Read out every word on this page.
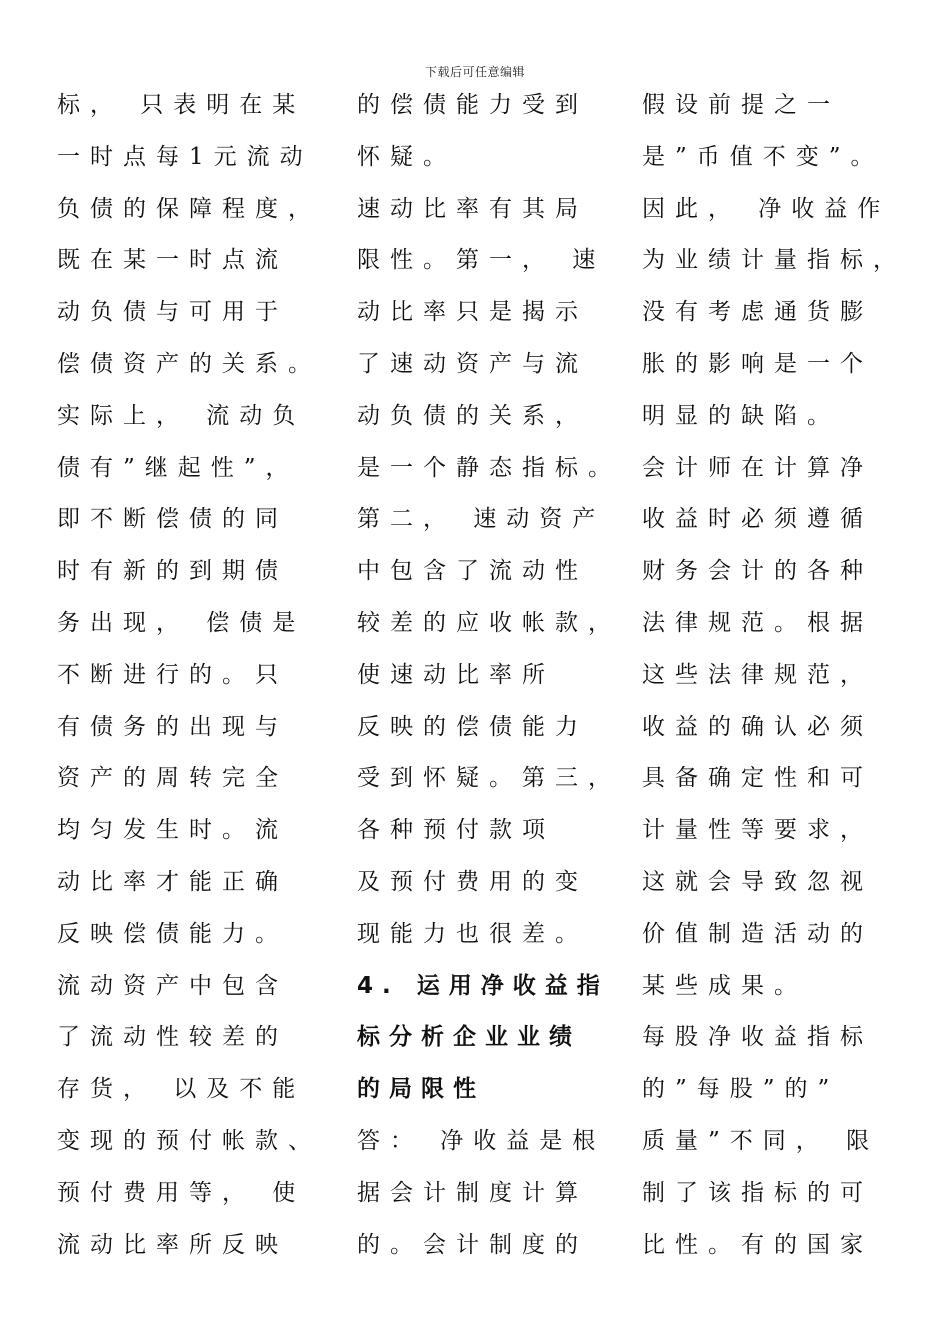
下载后可任意编辑
标， 只表明在某
一时点每1元流动
负债的保障程度，
既在某一时点流
动负债与可用于
偿债资产的关系。
实际上， 流动负
债有”继起性”，
即不断偿债的同
时有新的到期债
务出现， 偿债是
不断进行的。只
有债务的出现与
资产的周转完全
均匀发生时。流
动比率才能正确
反映偿债能力。
流动资产中包含
了流动性较差的
存货， 以及不能
变现的预付帐款、
预付费用等， 使
流动比率所反映
的偿债能力受到
怀疑。
速动比率有其局
限性。第一， 速
动比率只是揭示
了速动资产与流
动负债的关系，
是一个静态指标。
第二， 速动资产
中包含了流动性
较差的应收帐款，
使速动比率所
反映的偿债能力
受到怀疑。第三，
各种预付款项
及预付费用的变
现能力也很差。
4. 运用净收益指
标分析企业业绩
的局限性
答： 净收益是根
据会计制度计算
的。会计制度的
假设前提之一
是”币值不变”。
因此， 净收益作
为业绩计量指标，
没有考虑通货膨
胀的影响是一个
明显的缺陷。
会计师在计算净
收益时必须遵循
财务会计的各种
法律规范。根据
这些法律规范，
收益的确认必须
具备确定性和可
计量性等要求，
这就会导致忽视
价值制造活动的
某些成果。
每股净收益指标
的”每股”的”
质量”不同， 限
制了该指标的可
比性。有的国家
